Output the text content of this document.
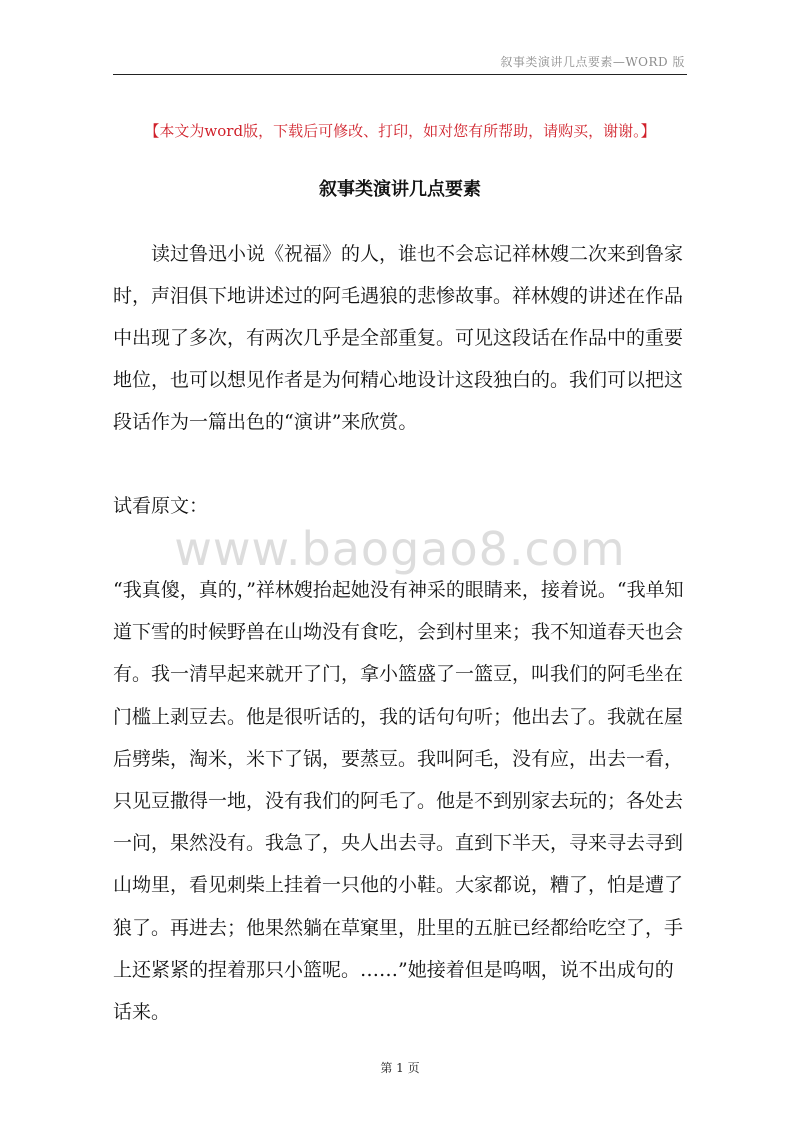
叙事类演讲几点要素—WORD 版
【本文为word版，下载后可修改、打印，如对您有所帮助，请购买，谢谢。】
叙事类演讲几点要素

读过鲁迅小说《祝福》的人，谁也不会忘记祥林嫂二次来到鲁家时，声泪俱下地讲述过的阿毛遇狼的悲惨故事。祥林嫂的讲述在作品中出现了多次，有两次几乎是全部重复。可见这段话在作品中的重要地位，也可以想见作者是为何精心地设计这段独白的。我们可以把这段话作为一篇出色的“演讲”来欣赏。

试看原文：

www.baogao8.com

“我真傻，真的，”祥林嫂抬起她没有神采的眼睛来，接着说。“我单知道下雪的时候野兽在山坳没有食吃，会到村里来；我不知道春天也会有。我一清早起来就开了门，拿小篮盛了一篮豆，叫我们的阿毛坐在门槛上剥豆去。他是很听话的，我的话句句听；他出去了。我就在屋后劈柴，淘米，米下了锅，要蒸豆。我叫阿毛，没有应，出去一看，只见豆撒得一地，没有我们的阿毛了。他是不到别家去玩的；各处去一问，果然没有。我急了，央人出去寻。直到下半天，寻来寻去寻到山坳里，看见刺柴上挂着一只他的小鞋。大家都说，糟了，怕是遭了狼了。再进去；他果然躺在草窠里，肚里的五脏已经都给吃空了，手上还紧紧的捏着那只小篮呢。……”她接着但是呜咽，说不出成句的话来。

第 1 页
